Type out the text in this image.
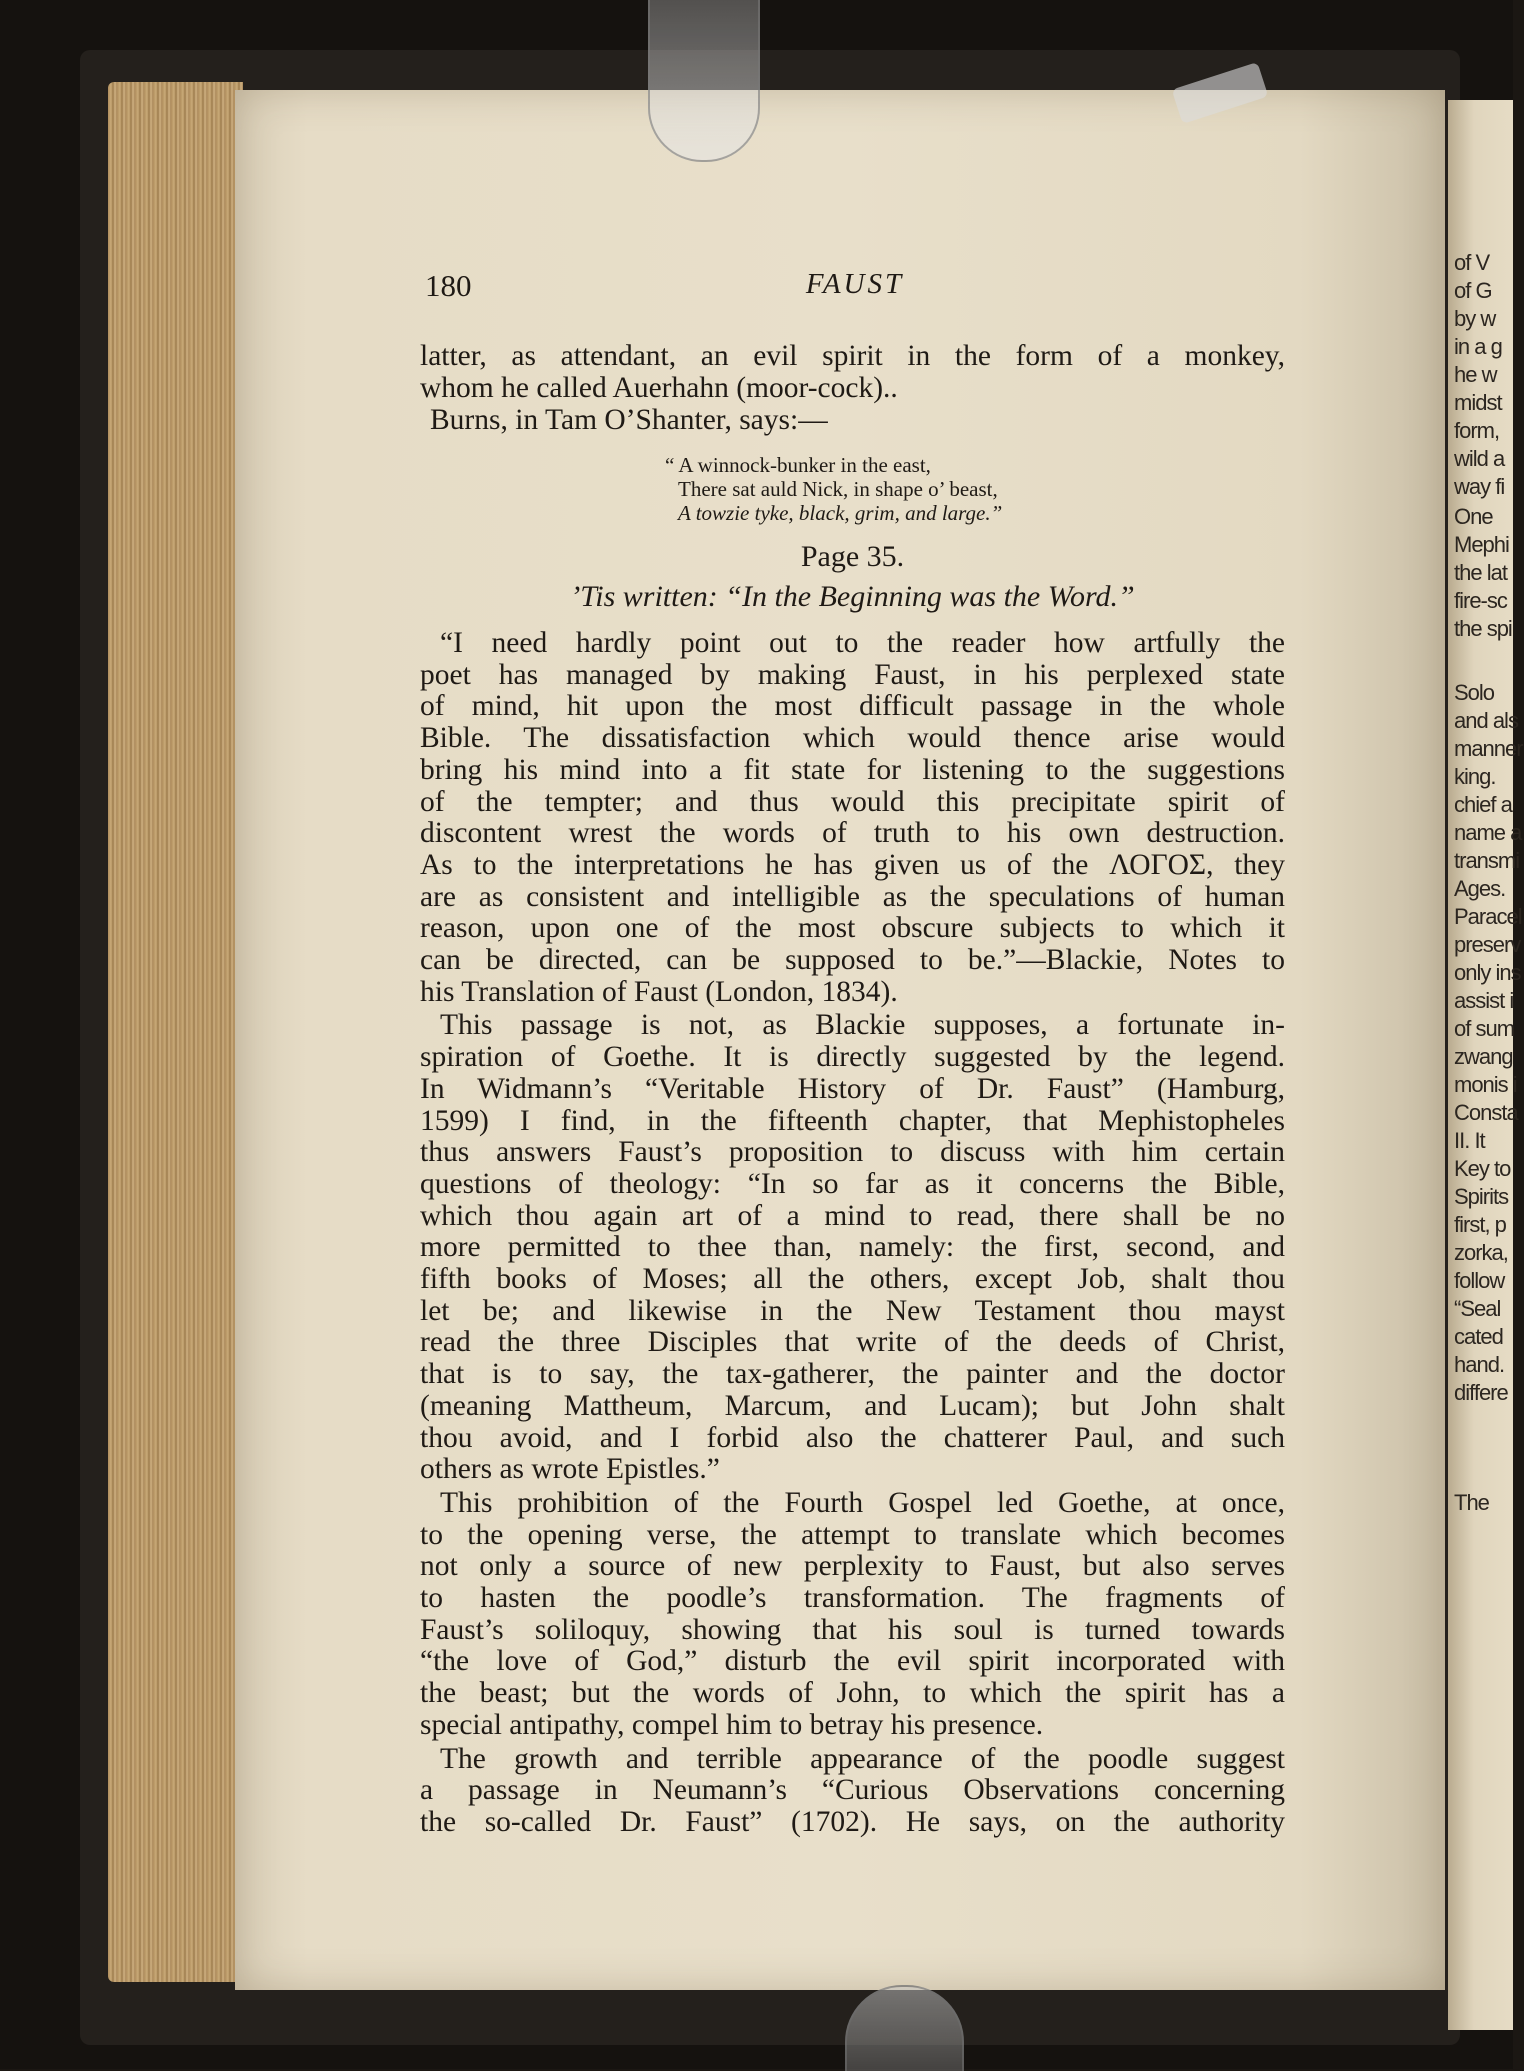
of V
of G
by w
in a g
he w
midst
form,
wild a
way fi
One
Mephi
the lat
fire-sc
the spi
Solo
and als
manner
king.
chief a
name a
transmi
Ages.
Paracel
preserv
only ins
assist i
of sum
zwang
monis i
Consta
II. It
Key to
Spirits
first, p
zorka,
follow
“Seal
cated
hand.
differe
The
180	FAUST
latter, as attendant, an evil spirit in the form of a monkey,
whom he called Auerhahn (moor-cock)..
Burns, in Tam O’Shanter, says:—
“ A winnock-bunker in the east,
There sat auld Nick, in shape o’ beast,
A towzie tyke, black, grim, and large.”
Page 35.
’Tis written: “In the Beginning was the Word.”
“I need hardly point out to the reader how artfully the
poet has managed by making Faust, in his perplexed state
of mind, hit upon the most difficult passage in the whole
Bible. The dissatisfaction which would thence arise would
bring his mind into a fit state for listening to the suggestions
of the tempter; and thus would this precipitate spirit of
discontent wrest the words of truth to his own destruction.
As to the interpretations he has given us of the ΛΟΓΟΣ, they
are as consistent and intelligible as the speculations of human
reason, upon one of the most obscure subjects to which it
can be directed, can be supposed to be.”—Blackie, Notes to
his Translation of Faust (London, 1834).
This passage is not, as Blackie supposes, a fortunate in-
spiration of Goethe. It is directly suggested by the legend.
In Widmann’s “Veritable History of Dr. Faust” (Hamburg,
1599) I find, in the fifteenth chapter, that Mephistopheles
thus answers Faust’s proposition to discuss with him certain
questions of theology: “In so far as it concerns the Bible,
which thou again art of a mind to read, there shall be no
more permitted to thee than, namely: the first, second, and
fifth books of Moses; all the others, except Job, shalt thou
let be; and likewise in the New Testament thou mayst
read the three Disciples that write of the deeds of Christ,
that is to say, the tax-gatherer, the painter and the doctor
(meaning Mattheum, Marcum, and Lucam); but John shalt
thou avoid, and I forbid also the chatterer Paul, and such
others as wrote Epistles.”
This prohibition of the Fourth Gospel led Goethe, at once,
to the opening verse, the attempt to translate which becomes
not only a source of new perplexity to Faust, but also serves
to hasten the poodle’s transformation. The fragments of
Faust’s soliloquy, showing that his soul is turned towards
“the love of God,” disturb the evil spirit incorporated with
the beast; but the words of John, to which the spirit has a
special antipathy, compel him to betray his presence.
The growth and terrible appearance of the poodle suggest
a passage in Neumann’s “Curious Observations concerning
the so-called Dr. Faust” (1702). He says, on the authority
